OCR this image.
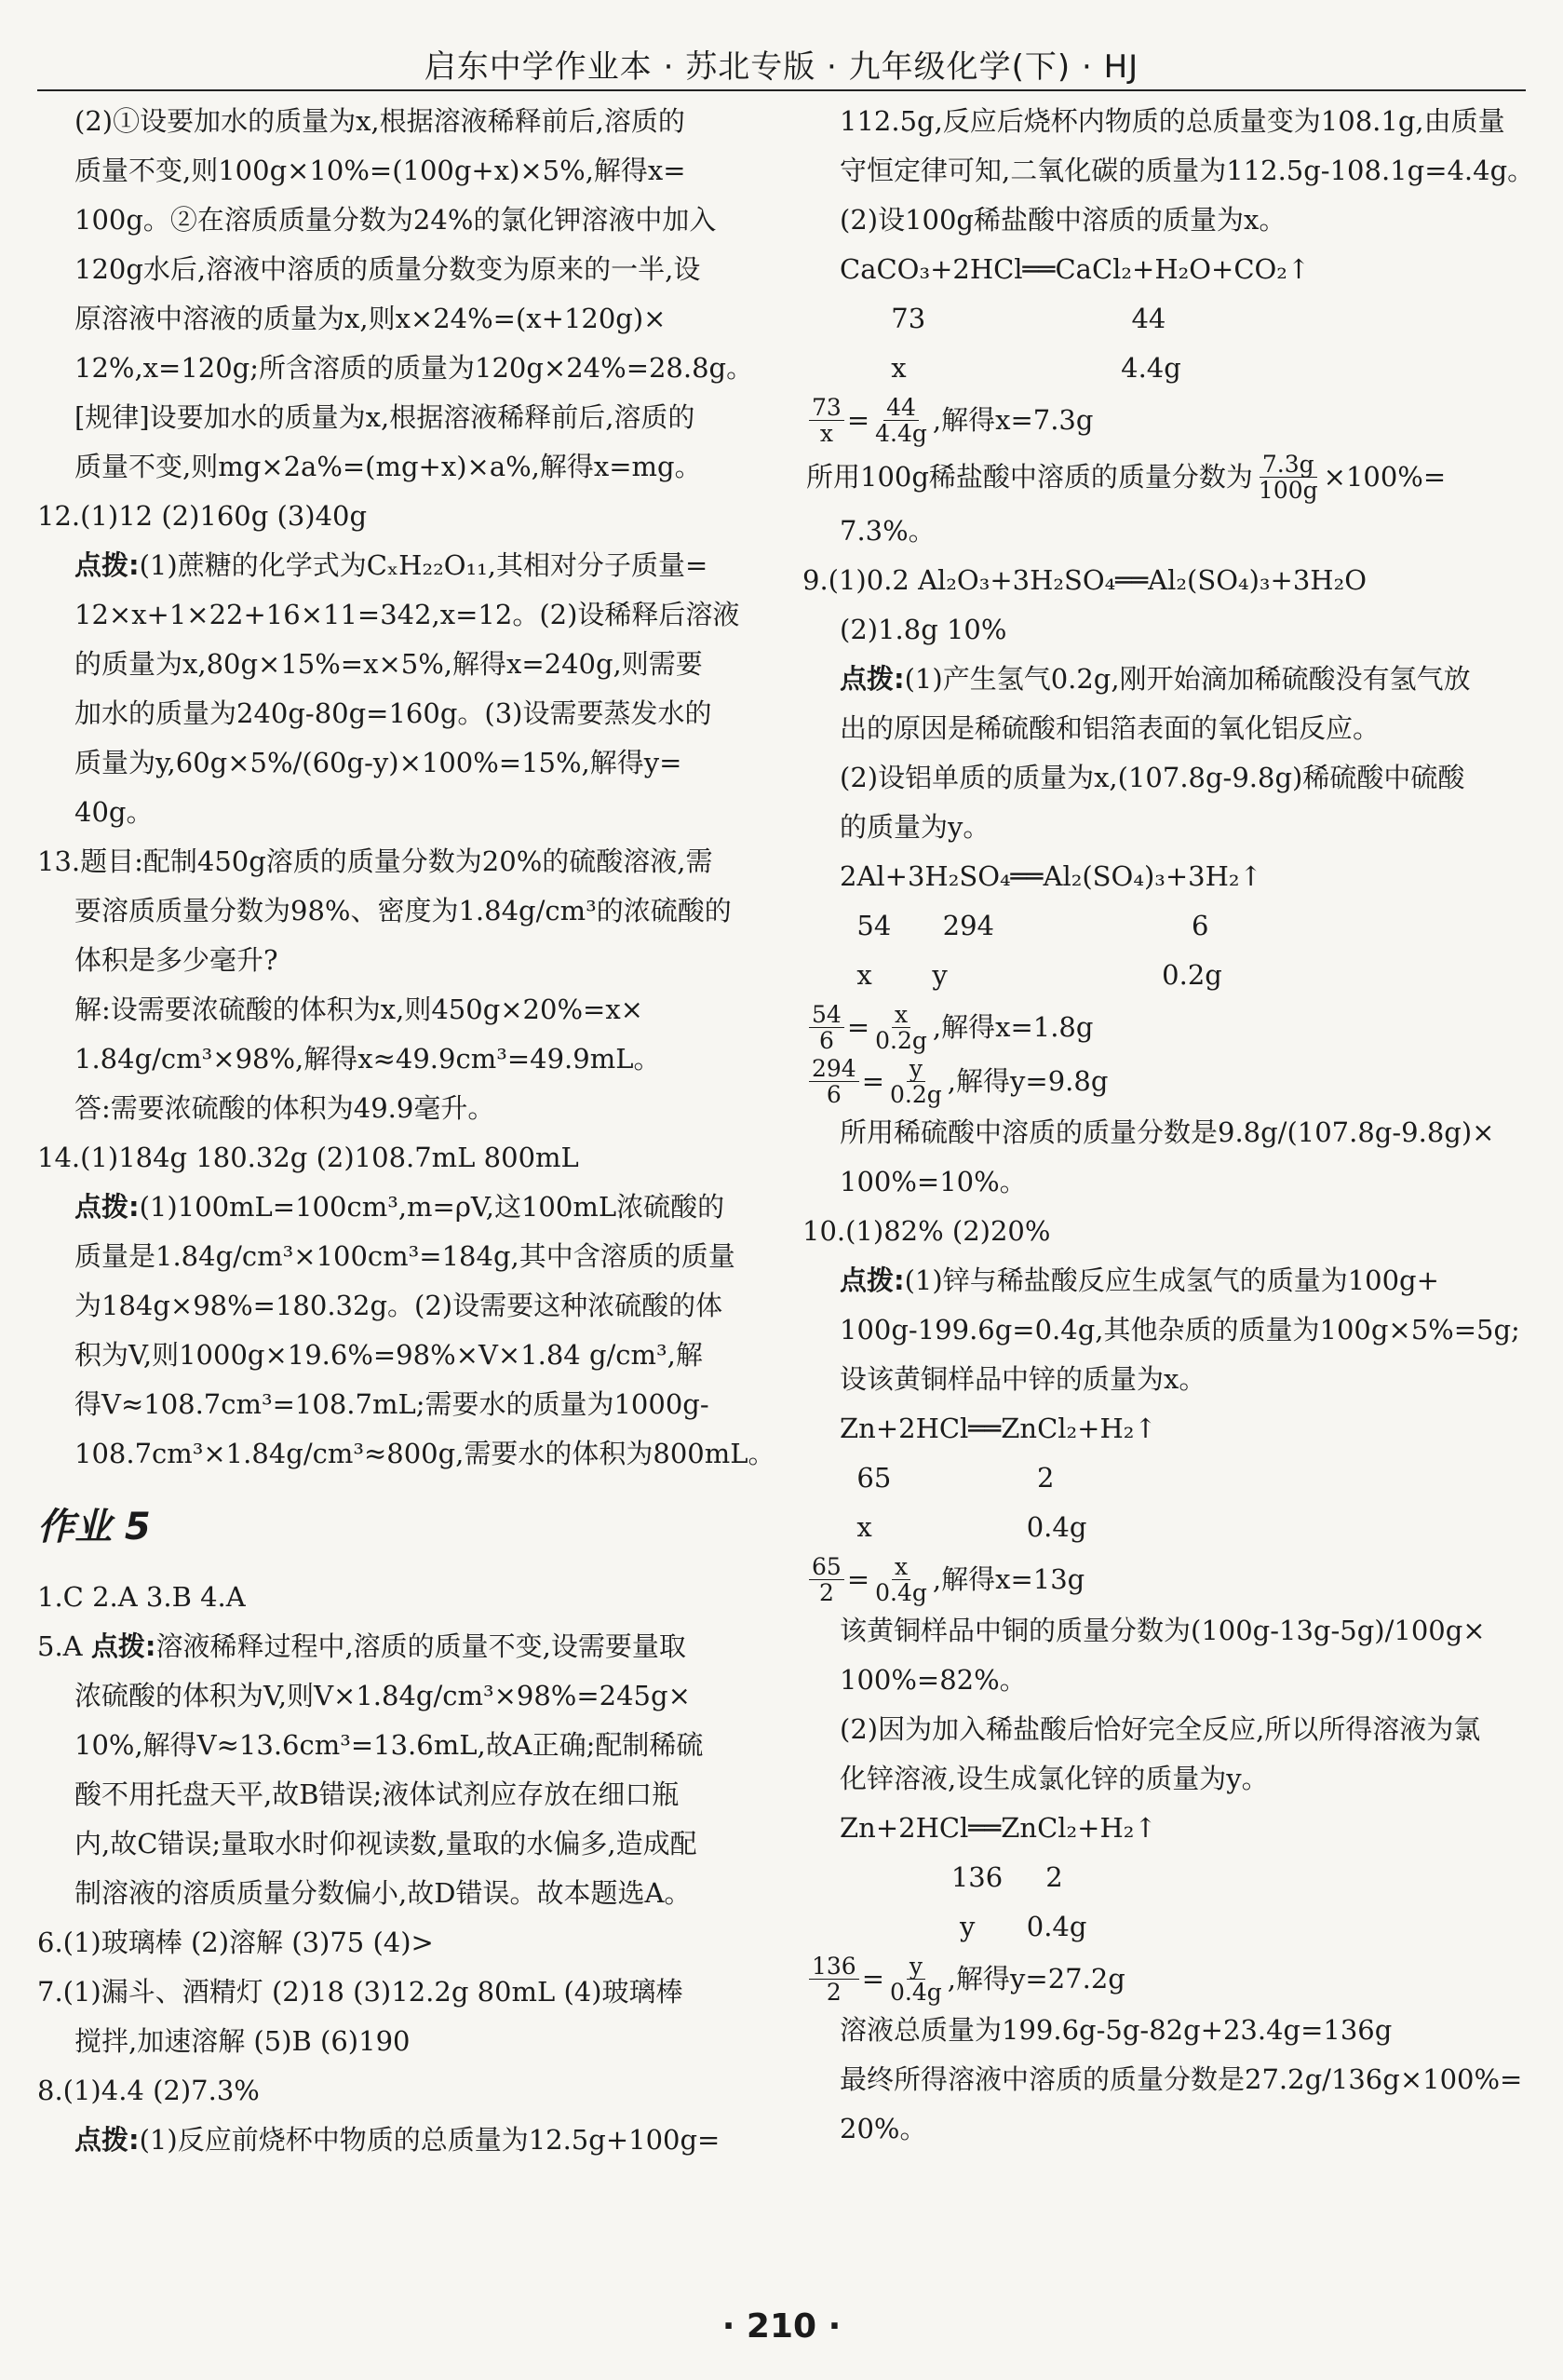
启东中学作业本 · 苏北专版 · 九年级化学(下) · HJ

(2)①设要加水的质量为x,根据溶液稀释前后,溶质的

质量不变,则100g×10%=(100g+x)×5%,解得x=

100g。②在溶质质量分数为24%的氯化钾溶液中加入

120g水后,溶液中溶质的质量分数变为原来的一半,设

原溶液中溶液的质量为x,则x×24%=(x+120g)×

12%,x=120g;所含溶质的质量为120g×24%=28.8g。

[规律]设要加水的质量为x,根据溶液稀释前后,溶质的

质量不变,则mg×2a%=(mg+x)×a%,解得x=mg。

12.(1)12 (2)160g (3)40g

点拨:(1)蔗糖的化学式为CₓH₂₂O₁₁,其相对分子质量=

12×x+1×22+16×11=342,x=12。(2)设稀释后溶液

的质量为x,80g×15%=x×5%,解得x=240g,则需要

加水的质量为240g-80g=160g。(3)设需要蒸发水的

质量为y,60g×5%/(60g-y)×100%=15%,解得y=

40g。

13.题目:配制450g溶质的质量分数为20%的硫酸溶液,需

要溶质质量分数为98%、密度为1.84g/cm³的浓硫酸的

体积是多少毫升?

解:设需要浓硫酸的体积为x,则450g×20%=x×

1.84g/cm³×98%,解得x≈49.9cm³=49.9mL。

答:需要浓硫酸的体积为49.9毫升。

14.(1)184g 180.32g (2)108.7mL 800mL

点拨:(1)100mL=100cm³,m=ρV,这100mL浓硫酸的

质量是1.84g/cm³×100cm³=184g,其中含溶质的质量

为184g×98%=180.32g。(2)设需要这种浓硫酸的体

积为V,则1000g×19.6%=98%×V×1.84 g/cm³,解

得V≈108.7cm³=108.7mL;需要水的质量为1000g-

108.7cm³×1.84g/cm³≈800g,需要水的体积为800mL。

作业 5

1.C 2.A 3.B 4.A

5.A 点拨:溶液稀释过程中,溶质的质量不变,设需要量取

浓硫酸的体积为V,则V×1.84g/cm³×98%=245g×

10%,解得V≈13.6cm³=13.6mL,故A正确;配制稀硫

酸不用托盘天平,故B错误;液体试剂应存放在细口瓶

内,故C错误;量取水时仰视读数,量取的水偏多,造成配

制溶液的溶质质量分数偏小,故D错误。故本题选A。

6.(1)玻璃棒 (2)溶解 (3)75 (4)>

7.(1)漏斗、酒精灯 (2)18 (3)12.2g 80mL (4)玻璃棒

搅拌,加速溶解 (5)B (6)190

8.(1)4.4 (2)7.3%

点拨:(1)反应前烧杯中物质的总质量为12.5g+100g=

112.5g,反应后烧杯内物质的总质量变为108.1g,由质量

守恒定律可知,二氧化碳的质量为112.5g-108.1g=4.4g。

(2)设100g稀盐酸中溶质的质量为x。

CaCO₃+2HCl══CaCl₂+H₂O+CO₂↑

73                        44

x                         4.4g

$\frac{73}{x} = \frac{44}{4.4g}$ ,解得x=7.3g
所用100g稀盐酸中溶质的质量分数为 $\frac{7.3g}{100g} \times 100\%=$

7.3%。

9.(1)0.2 Al₂O₃+3H₂SO₄══Al₂(SO₄)₃+3H₂O

(2)1.8g 10%

点拨:(1)产生氢气0.2g,刚开始滴加稀硫酸没有氢气放

出的原因是稀硫酸和铝箔表面的氧化铝反应。

(2)设铝单质的质量为x,(107.8g-9.8g)稀硫酸中硫酸

的质量为y。

2Al+3H₂SO₄══Al₂(SO₄)₃+3H₂↑

54      294                       6

x       y                         0.2g

$\frac{54}{6} = \frac{x}{0.2g}$ ,解得x=1.8g
$\frac{294}{6} = \frac{y}{0.2g}$ ,解得y=9.8g

所用稀硫酸中溶质的质量分数是9.8g/(107.8g-9.8g)×

100%=10%。

10.(1)82% (2)20%

点拨:(1)锌与稀盐酸反应生成氢气的质量为100g+

100g-199.6g=0.4g,其他杂质的质量为100g×5%=5g;

设该黄铜样品中锌的质量为x。

Zn+2HCl══ZnCl₂+H₂↑

65                 2

x                  0.4g

$\frac{65}{2} = \frac{x}{0.4g}$ ,解得x=13g

该黄铜样品中铜的质量分数为(100g-13g-5g)/100g×

100%=82%。

(2)因为加入稀盐酸后恰好完全反应,所以所得溶液为氯

化锌溶液,设生成氯化锌的质量为y。

Zn+2HCl══ZnCl₂+H₂↑

136     2

y      0.4g

$\frac{136}{2} = \frac{y}{0.4g}$ ,解得y=27.2g

溶液总质量为199.6g-5g-82g+23.4g=136g

最终所得溶液中溶质的质量分数是27.2g/136g×100%=

20%。

· 210 ·
